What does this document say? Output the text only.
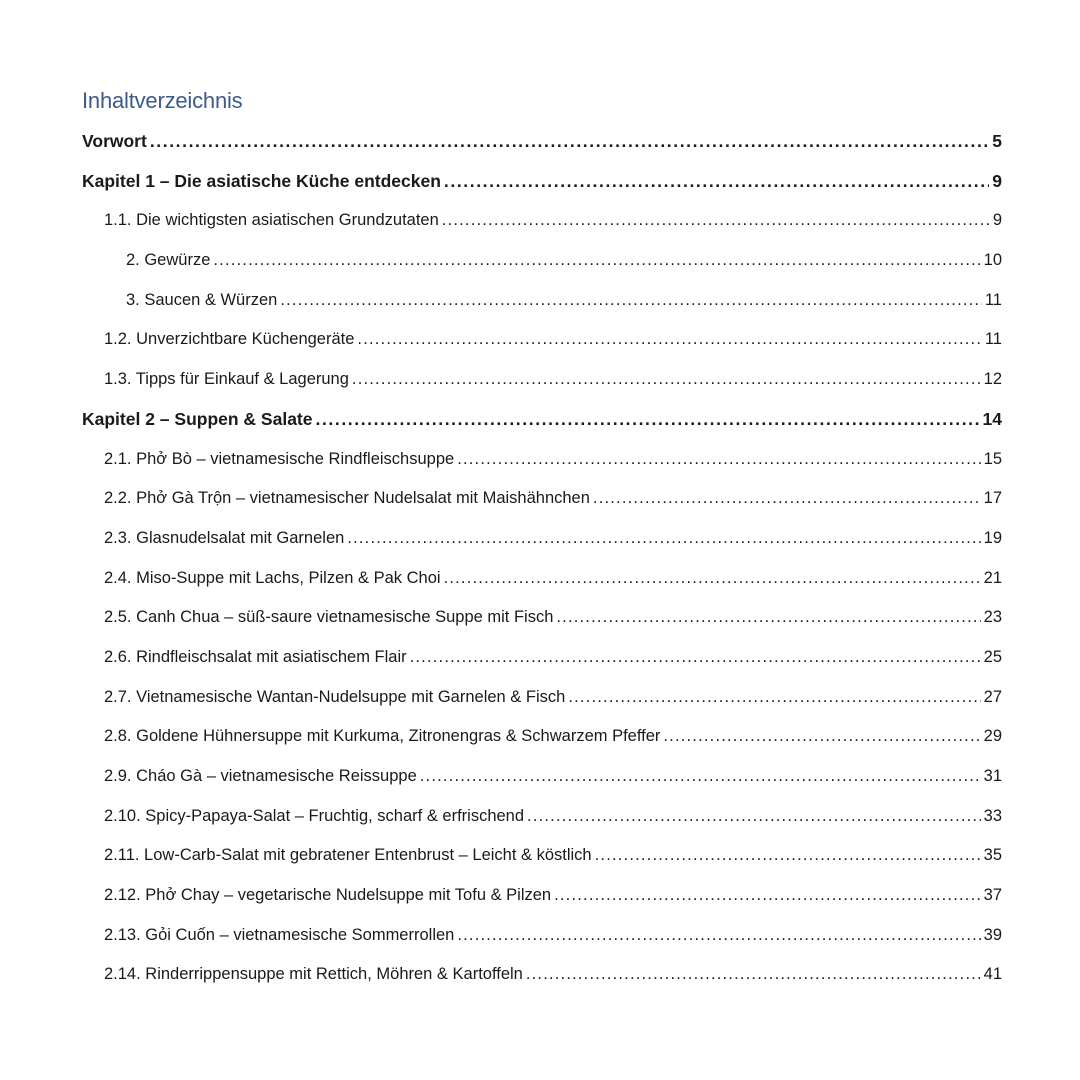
Inhaltverzeichnis
Vorwort .....	5
Kapitel 1 – Die asiatische Küche entdecken .....	9
1.1. Die wichtigsten asiatischen Grundzutaten .....	9
2. Gewürze .....	10
3. Saucen & Würzen .....	11
1.2. Unverzichtbare Küchengeräte .....	11
1.3. Tipps für Einkauf & Lagerung .....	12
Kapitel 2 – Suppen & Salate .....	14
2.1. Phở Bò – vietnamesische Rindfleischsuppe .....	15
2.2. Phở Gà Trộn – vietnamesischer Nudelsalat mit Maishähnchen .....	17
2.3. Glasnudelsalat mit Garnelen .....	19
2.4. Miso-Suppe mit Lachs, Pilzen & Pak Choi .....	21
2.5. Canh Chua – süß-saure vietnamesische Suppe mit Fisch .....	23
2.6. Rindfleischsalat mit asiatischem Flair .....	25
2.7. Vietnamesische Wantan-Nudelsuppe mit Garnelen & Fisch .....	27
2.8. Goldene Hühnersuppe mit Kurkuma, Zitronengras & Schwarzem Pfeffer .....	29
2.9. Cháo Gà – vietnamesische Reissuppe .....	31
2.10. Spicy-Papaya-Salat – Fruchtig, scharf & erfrischend .....	33
2.11. Low-Carb-Salat mit gebratener Entenbrust – Leicht & köstlich .....	35
2.12. Phở Chay – vegetarische Nudelsuppe mit Tofu & Pilzen .....	37
2.13. Gỏi Cuốn – vietnamesische Sommerrollen .....	39
2.14. Rinderrippensuppe mit Rettich, Möhren & Kartoffeln .....	41
